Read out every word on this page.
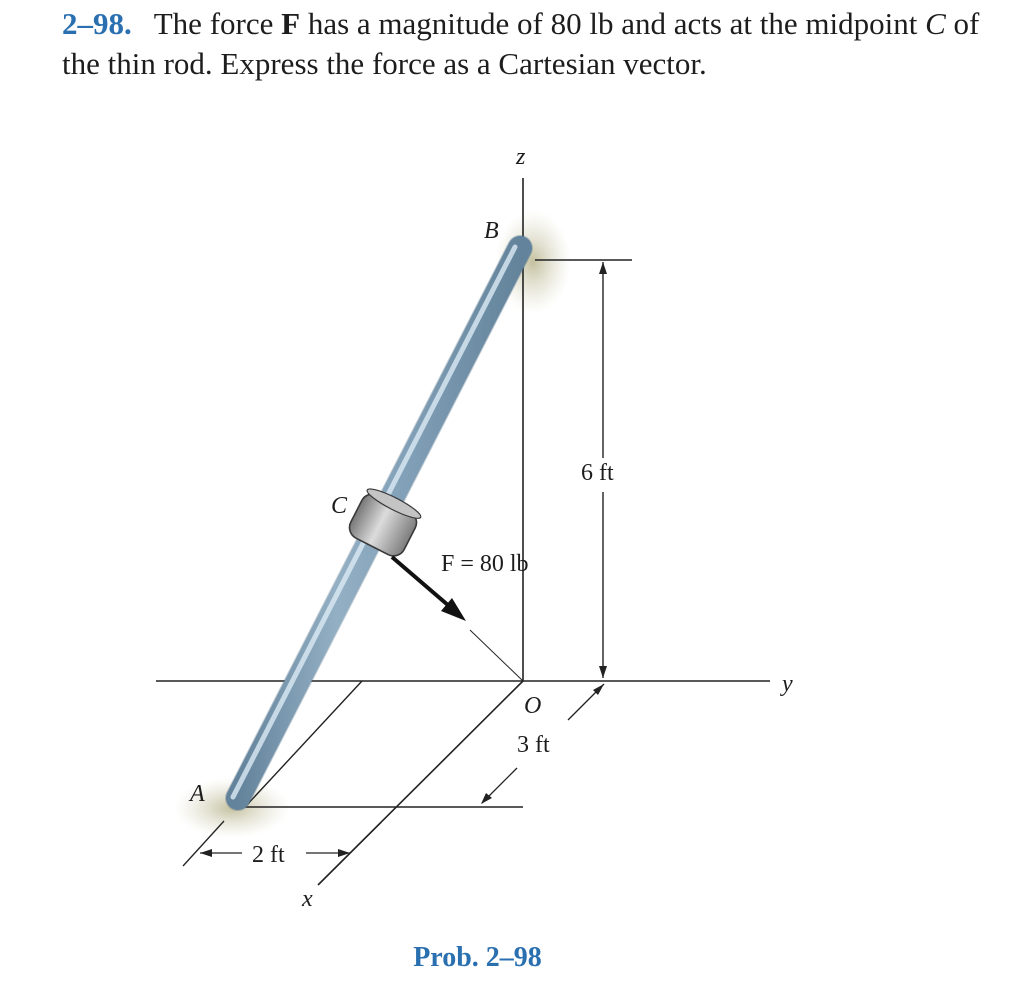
2–98. The force F has a magnitude of 80 lb and acts at the midpoint C of the thin rod. Express the force as a Cartesian vector.

z
y
x
B
C
A
O
F = 80 lb
6 ft
3 ft
2 ft
Prob. 2–98
